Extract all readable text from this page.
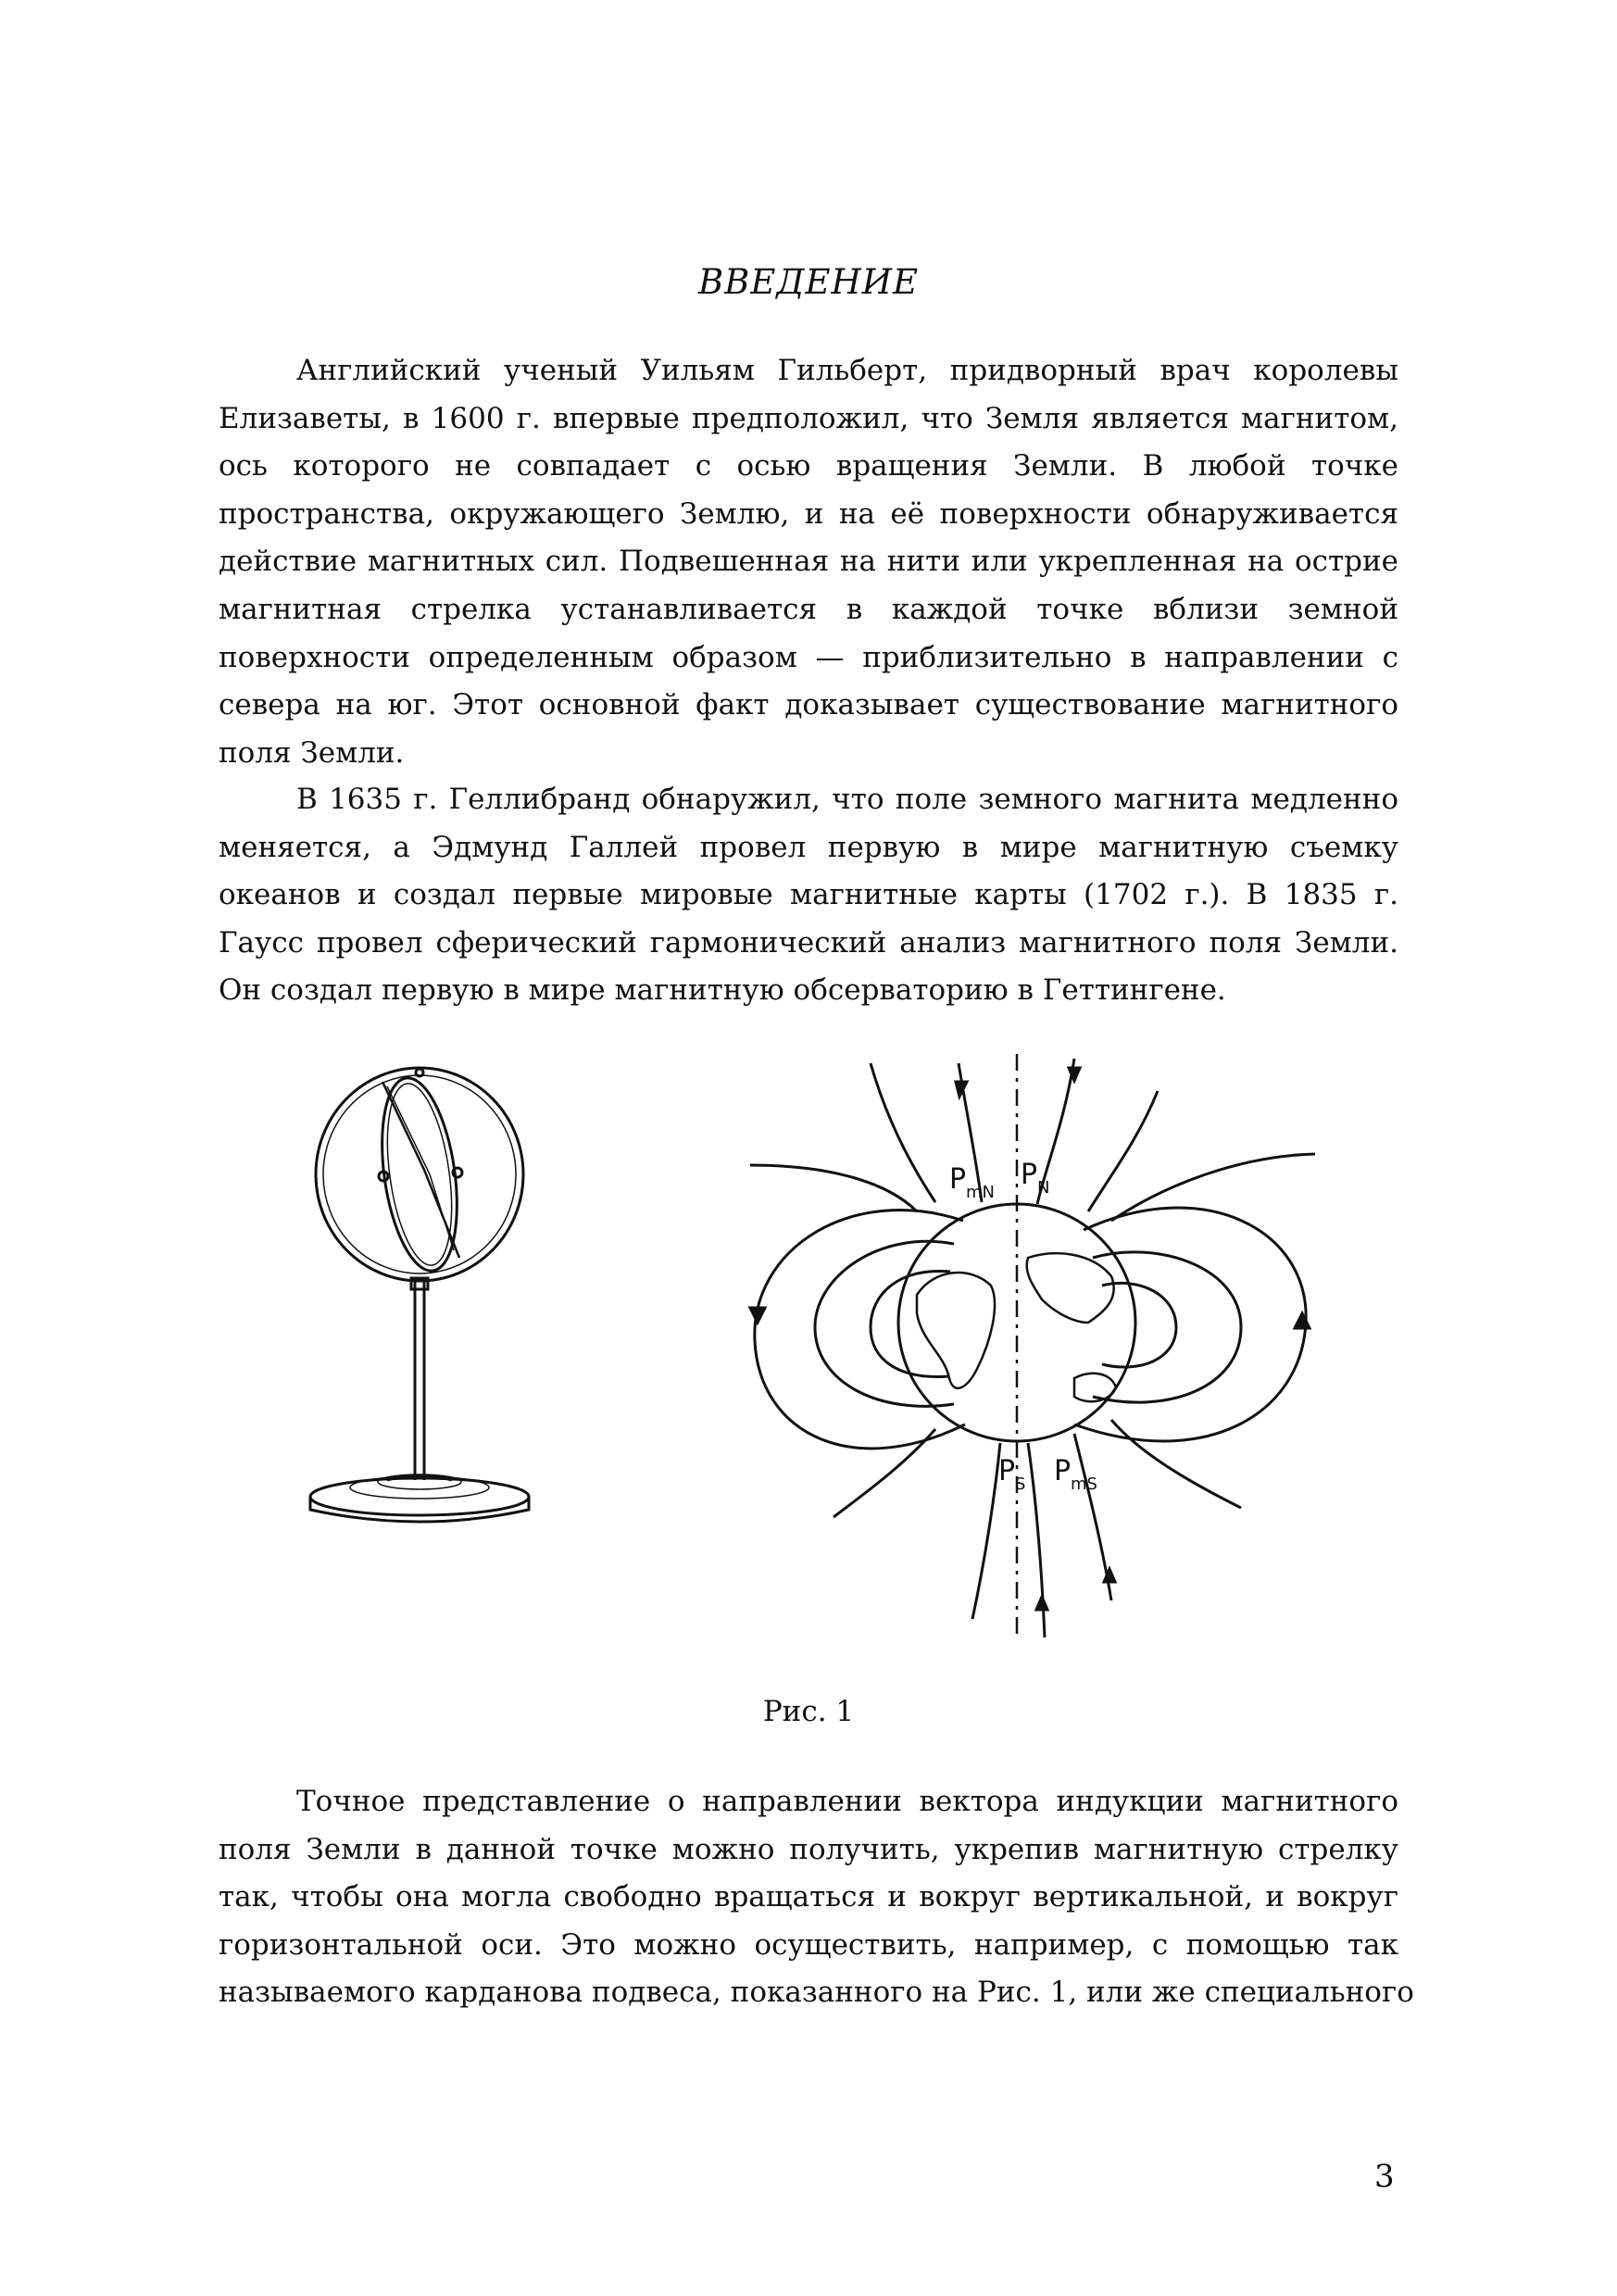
ВВЕДЕНИЕ
Английский ученый Уильям Гильберт, придворный врач королевы
Елизаветы, в 1600 г. впервые предположил, что Земля является магнитом,
ось которого не совпадает с осью вращения Земли. В любой точке
пространства, окружающего Землю, и на её поверхности обнаруживается
действие магнитных сил. Подвешенная на нити или укрепленная на острие
магнитная стрелка устанавливается в каждой точке вблизи земной
поверхности определенным образом — приблизительно в направлении с
севера на юг. Этот основной факт доказывает существование магнитного
поля Земли.
В 1635 г. Геллибранд обнаружил, что поле земного магнита медленно
меняется, а Эдмунд Галлей провел первую в мире магнитную съемку
океанов и создал первые мировые магнитные карты (1702 г.). В 1835 г.
Гаусс провел сферический гармонический анализ магнитного поля Земли.
Он создал первую в мире магнитную обсерваторию в Геттингене.
P mN
P N
P S P mS
Рис. 1
Точное представление о направлении вектора индукции магнитного
поля Земли в данной точке можно получить, укрепив магнитную стрелку
так, чтобы она могла свободно вращаться и вокруг вертикальной, и вокруг
горизонтальной оси. Это можно осуществить, например, с помощью так
называемого карданова подвеса, показанного на Рис. 1, или же специального
3
